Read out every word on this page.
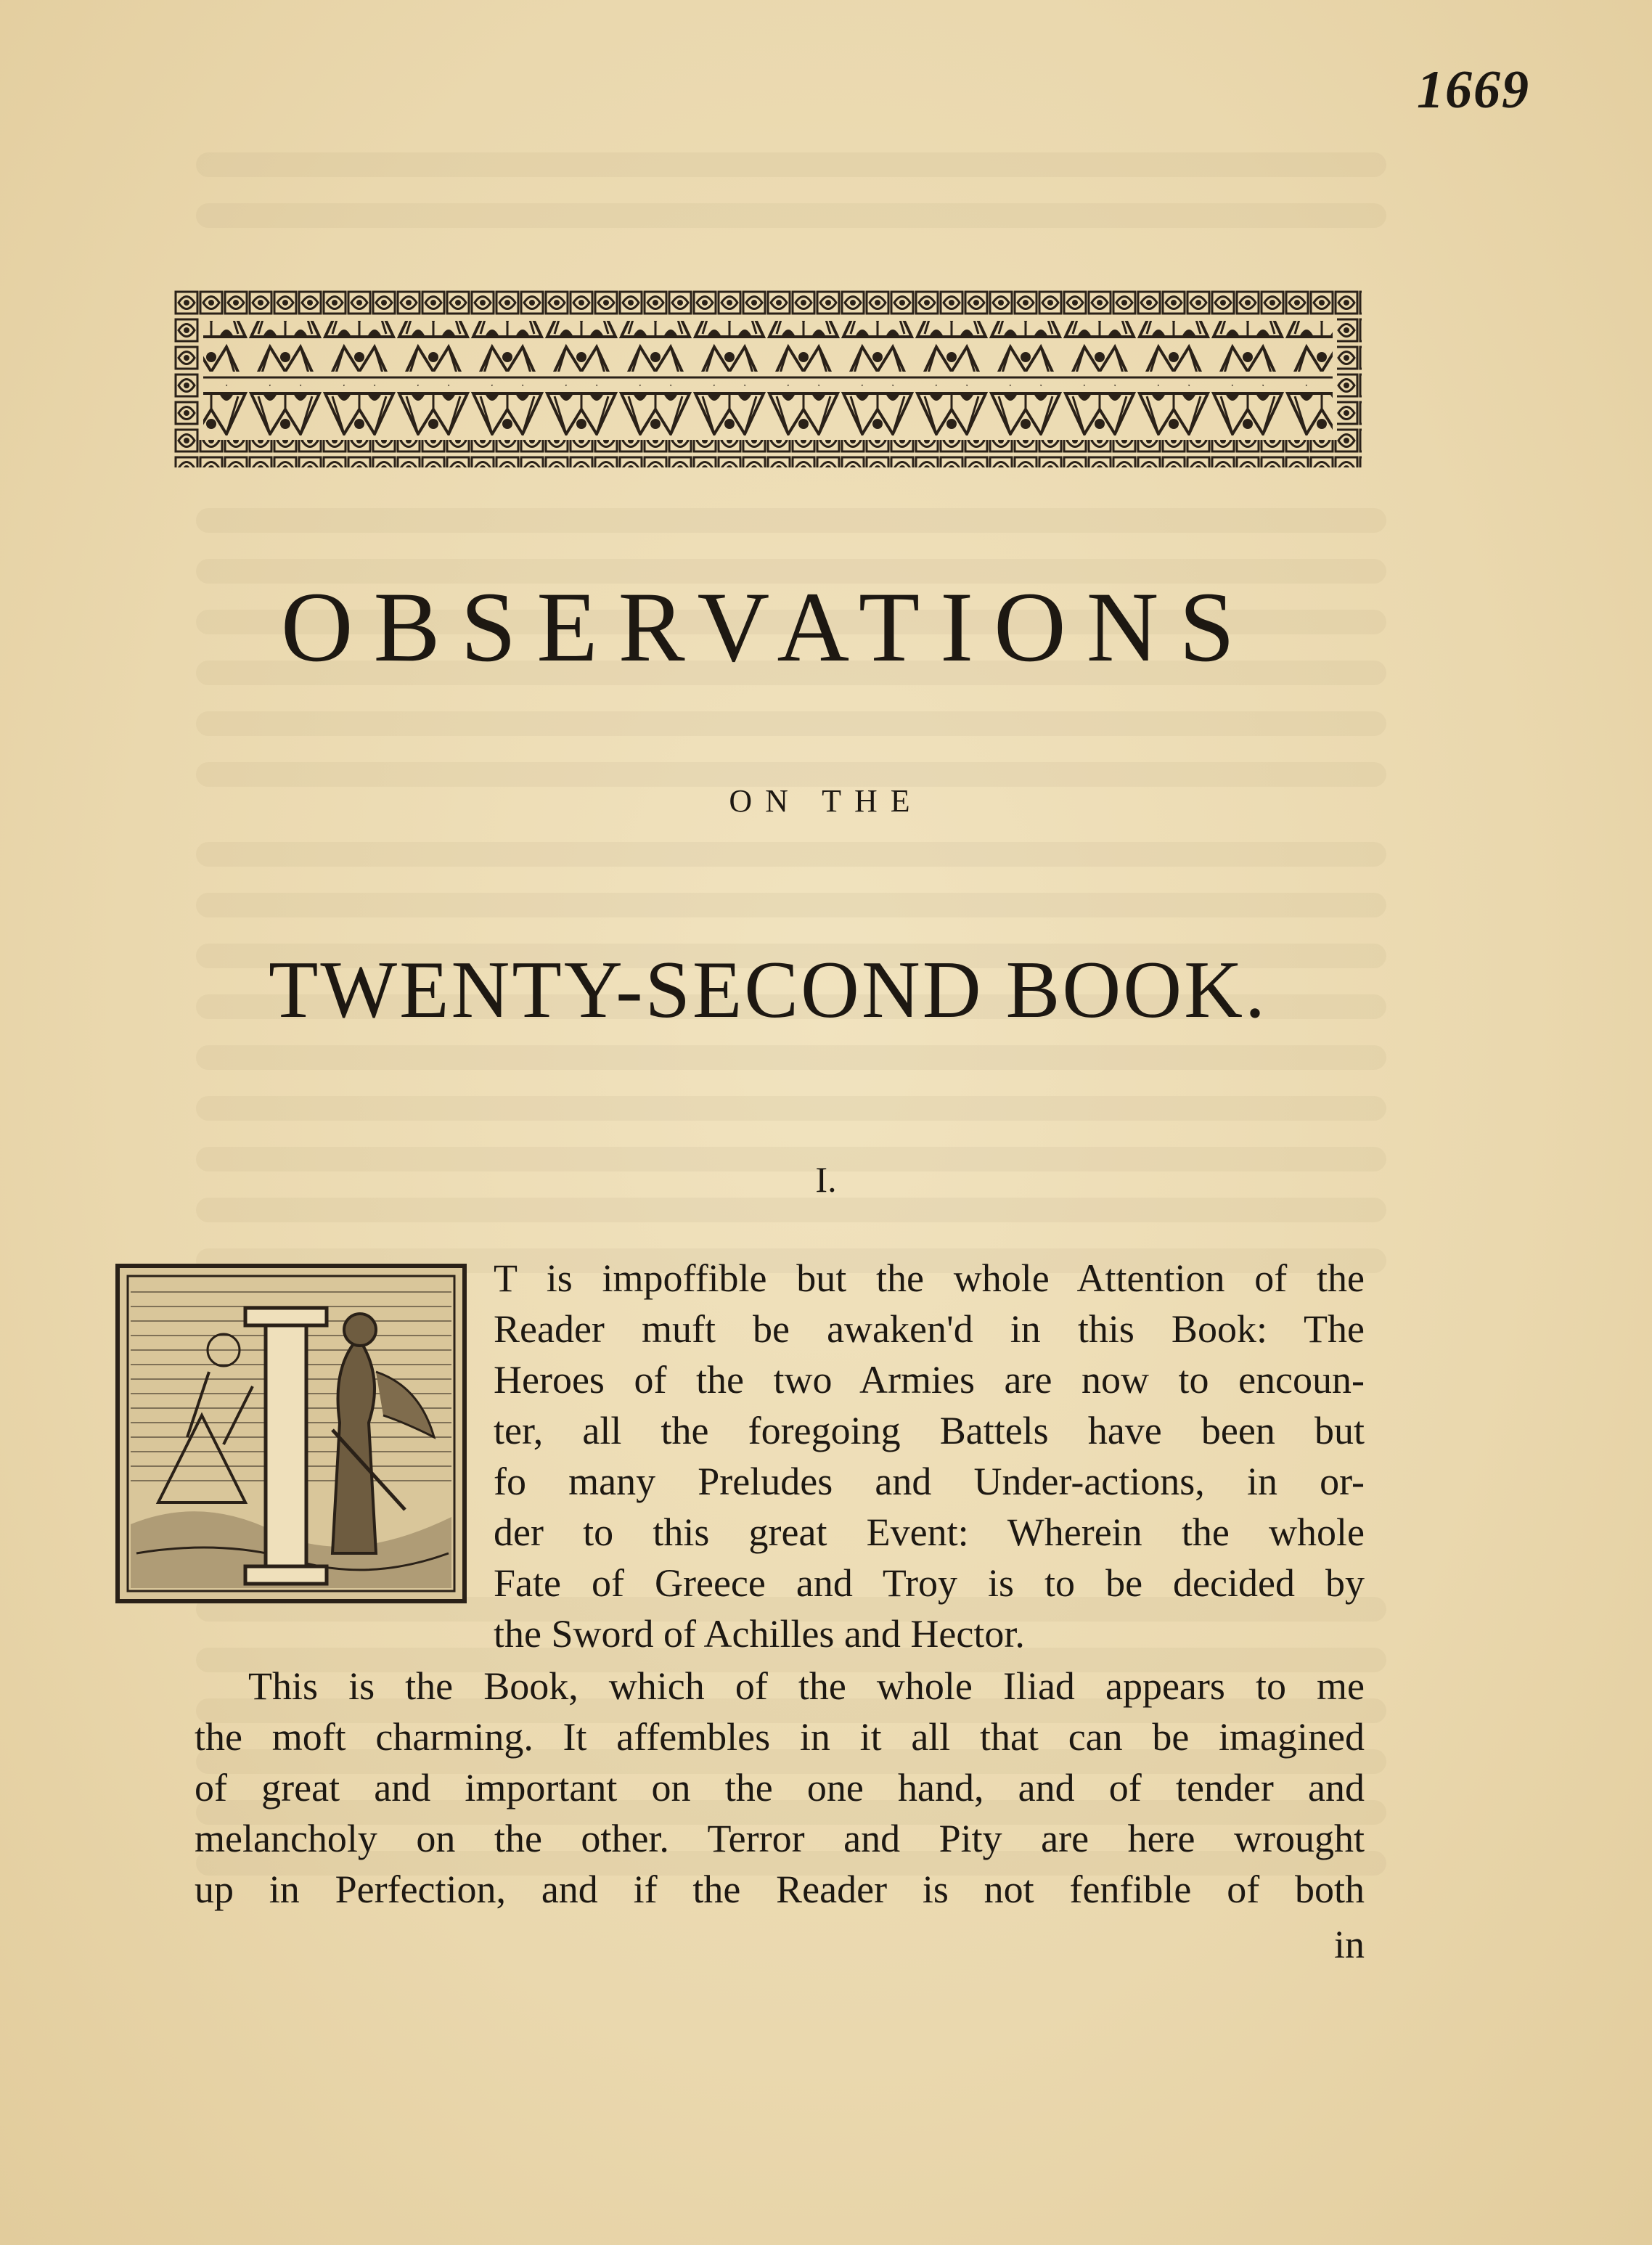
1669
OBSERVATIONS
ON THE
TWENTY-SECOND BOOK.
I.
T is impoffible but the whole Attention of the
Reader muft be awaken'd in this Book: The
Heroes of the two Armies are now to encoun-
ter, all the foregoing Battels have been but
fo many Preludes and Under-actions, in or-
der to this great Event: Wherein the whole
Fate of Greece and Troy is to be decided by
the Sword of Achilles and Hector.
This is the Book, which of the whole Iliad appears to me
the moft charming. It affembles in it all that can be imagined
of great and important on the one hand, and of tender and
melancholy on the other. Terror and Pity are here wrought
up in Perfection, and if the Reader is not fenfible of both
in
